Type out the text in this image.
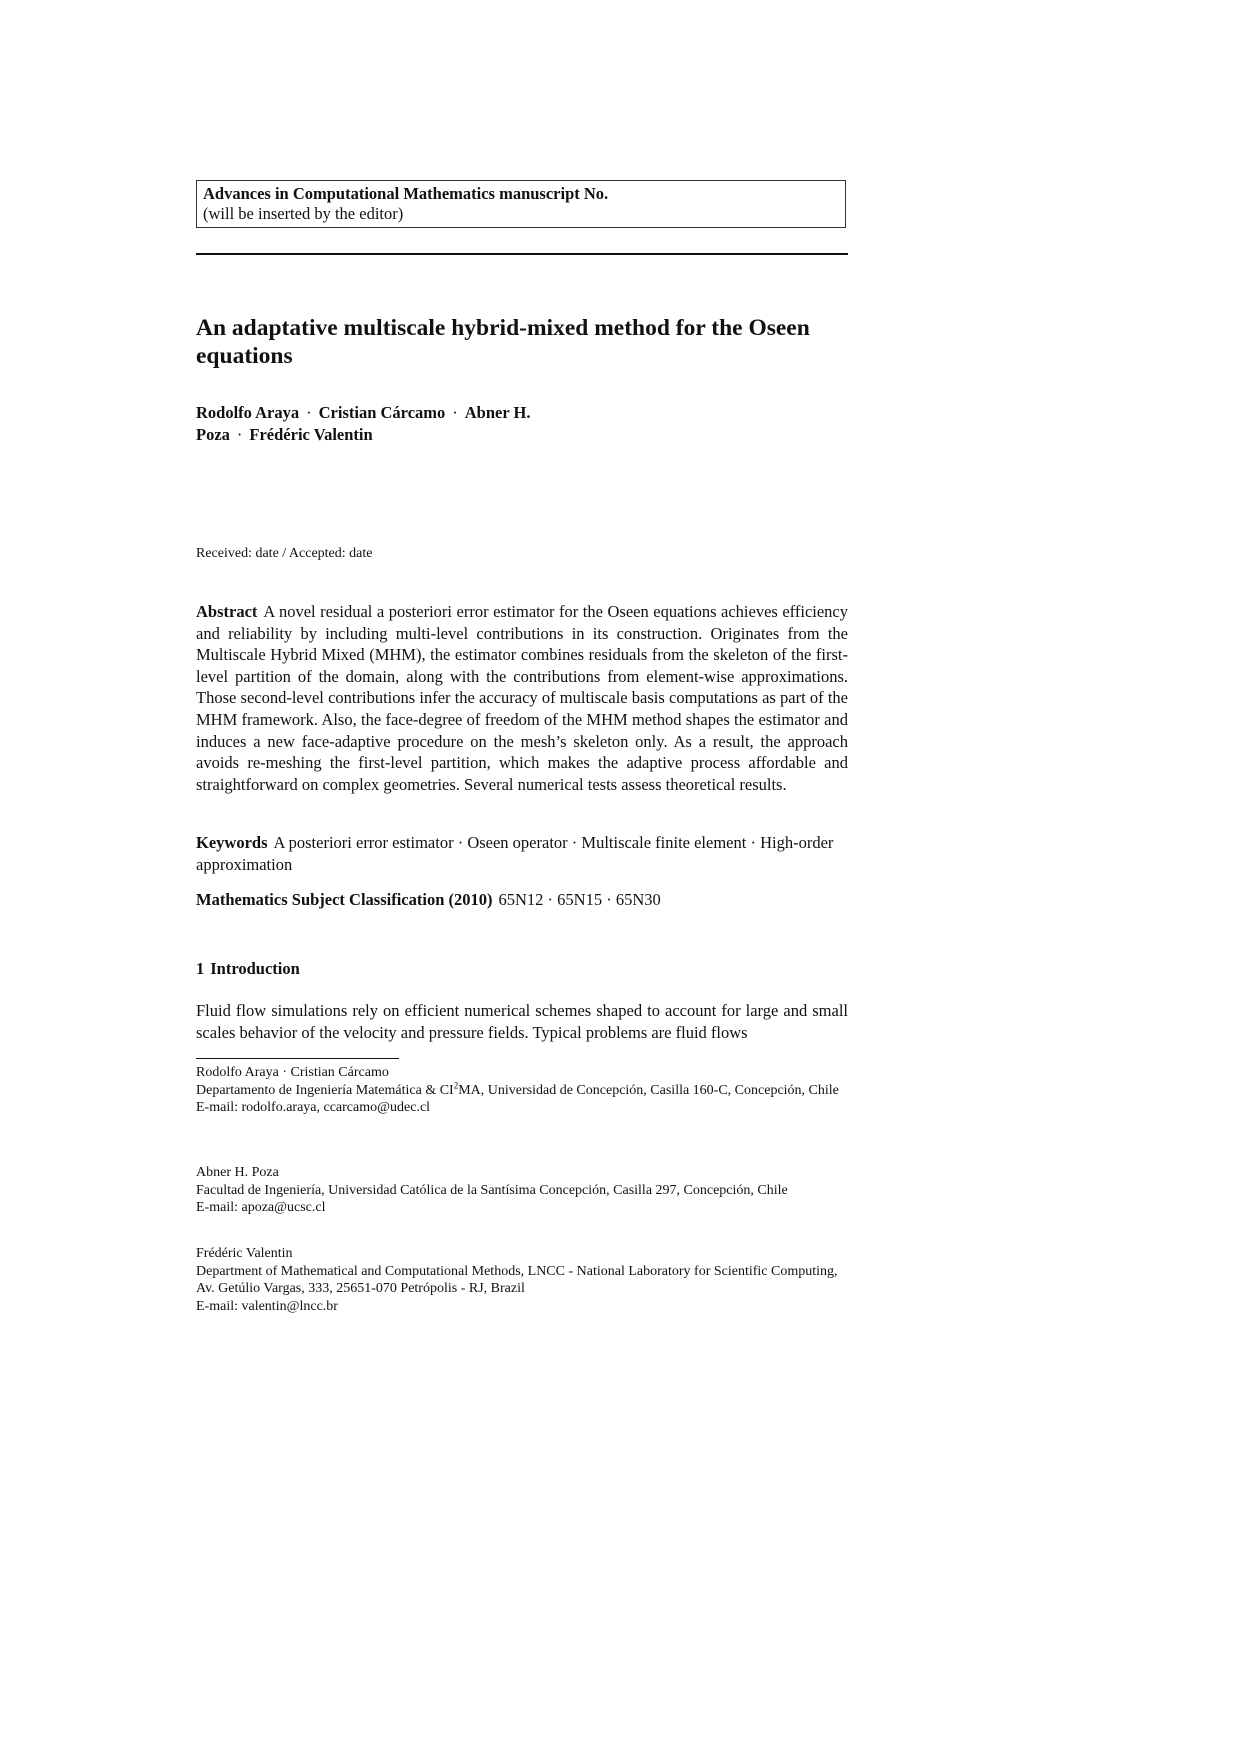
Advances in Computational Mathematics manuscript No.
(will be inserted by the editor)
An adaptative multiscale hybrid-mixed method for the Oseen equations
Rodolfo Araya · Cristian Cárcamo · Abner H.
Poza · Frédéric Valentin
Received: date / Accepted: date

Abstract A novel residual a posteriori error estimator for the Oseen equations achieves efficiency and reliability by including multi-level contributions in its construction. Originates from the Multiscale Hybrid Mixed (MHM), the estimator combines residuals from the skeleton of the first-level partition of the domain, along with the contributions from element-wise approximations. Those second-level contributions infer the accuracy of multiscale basis computations as part of the MHM framework. Also, the face-degree of freedom of the MHM method shapes the estimator and induces a new face-adaptive procedure on the mesh’s skeleton only. As a result, the approach avoids re-meshing the first-level partition, which makes the adaptive process affordable and straightforward on complex geometries. Several numerical tests assess theoretical results.

Keywords A posteriori error estimator · Oseen operator · Multiscale finite element · High-order approximation

Mathematics Subject Classification (2010) 65N12 · 65N15 · 65N30

1 Introduction

Fluid flow simulations rely on efficient numerical schemes shaped to account for large and small scales behavior of the velocity and pressure fields. Typical problems are fluid flows

Rodolfo Araya · Cristian Cárcamo
Departamento de Ingeniería Matemática & $CI^2MA$, Universidad de Concepción, Casilla 160-C, Concepción, Chile
E-mail: rodolfo.araya, ccarcamo@udec.cl
Abner H. Poza
Facultad de Ingeniería, Universidad Católica de la Santísima Concepción, Casilla 297, Concepción, Chile
E-mail: apoza@ucsc.cl
Frédéric Valentin
Department of Mathematical and Computational Methods, LNCC - National Laboratory for Scientific Computing, Av. Getúlio Vargas, 333, 25651-070 Petrópolis - RJ, Brazil
E-mail: valentin@lncc.br
